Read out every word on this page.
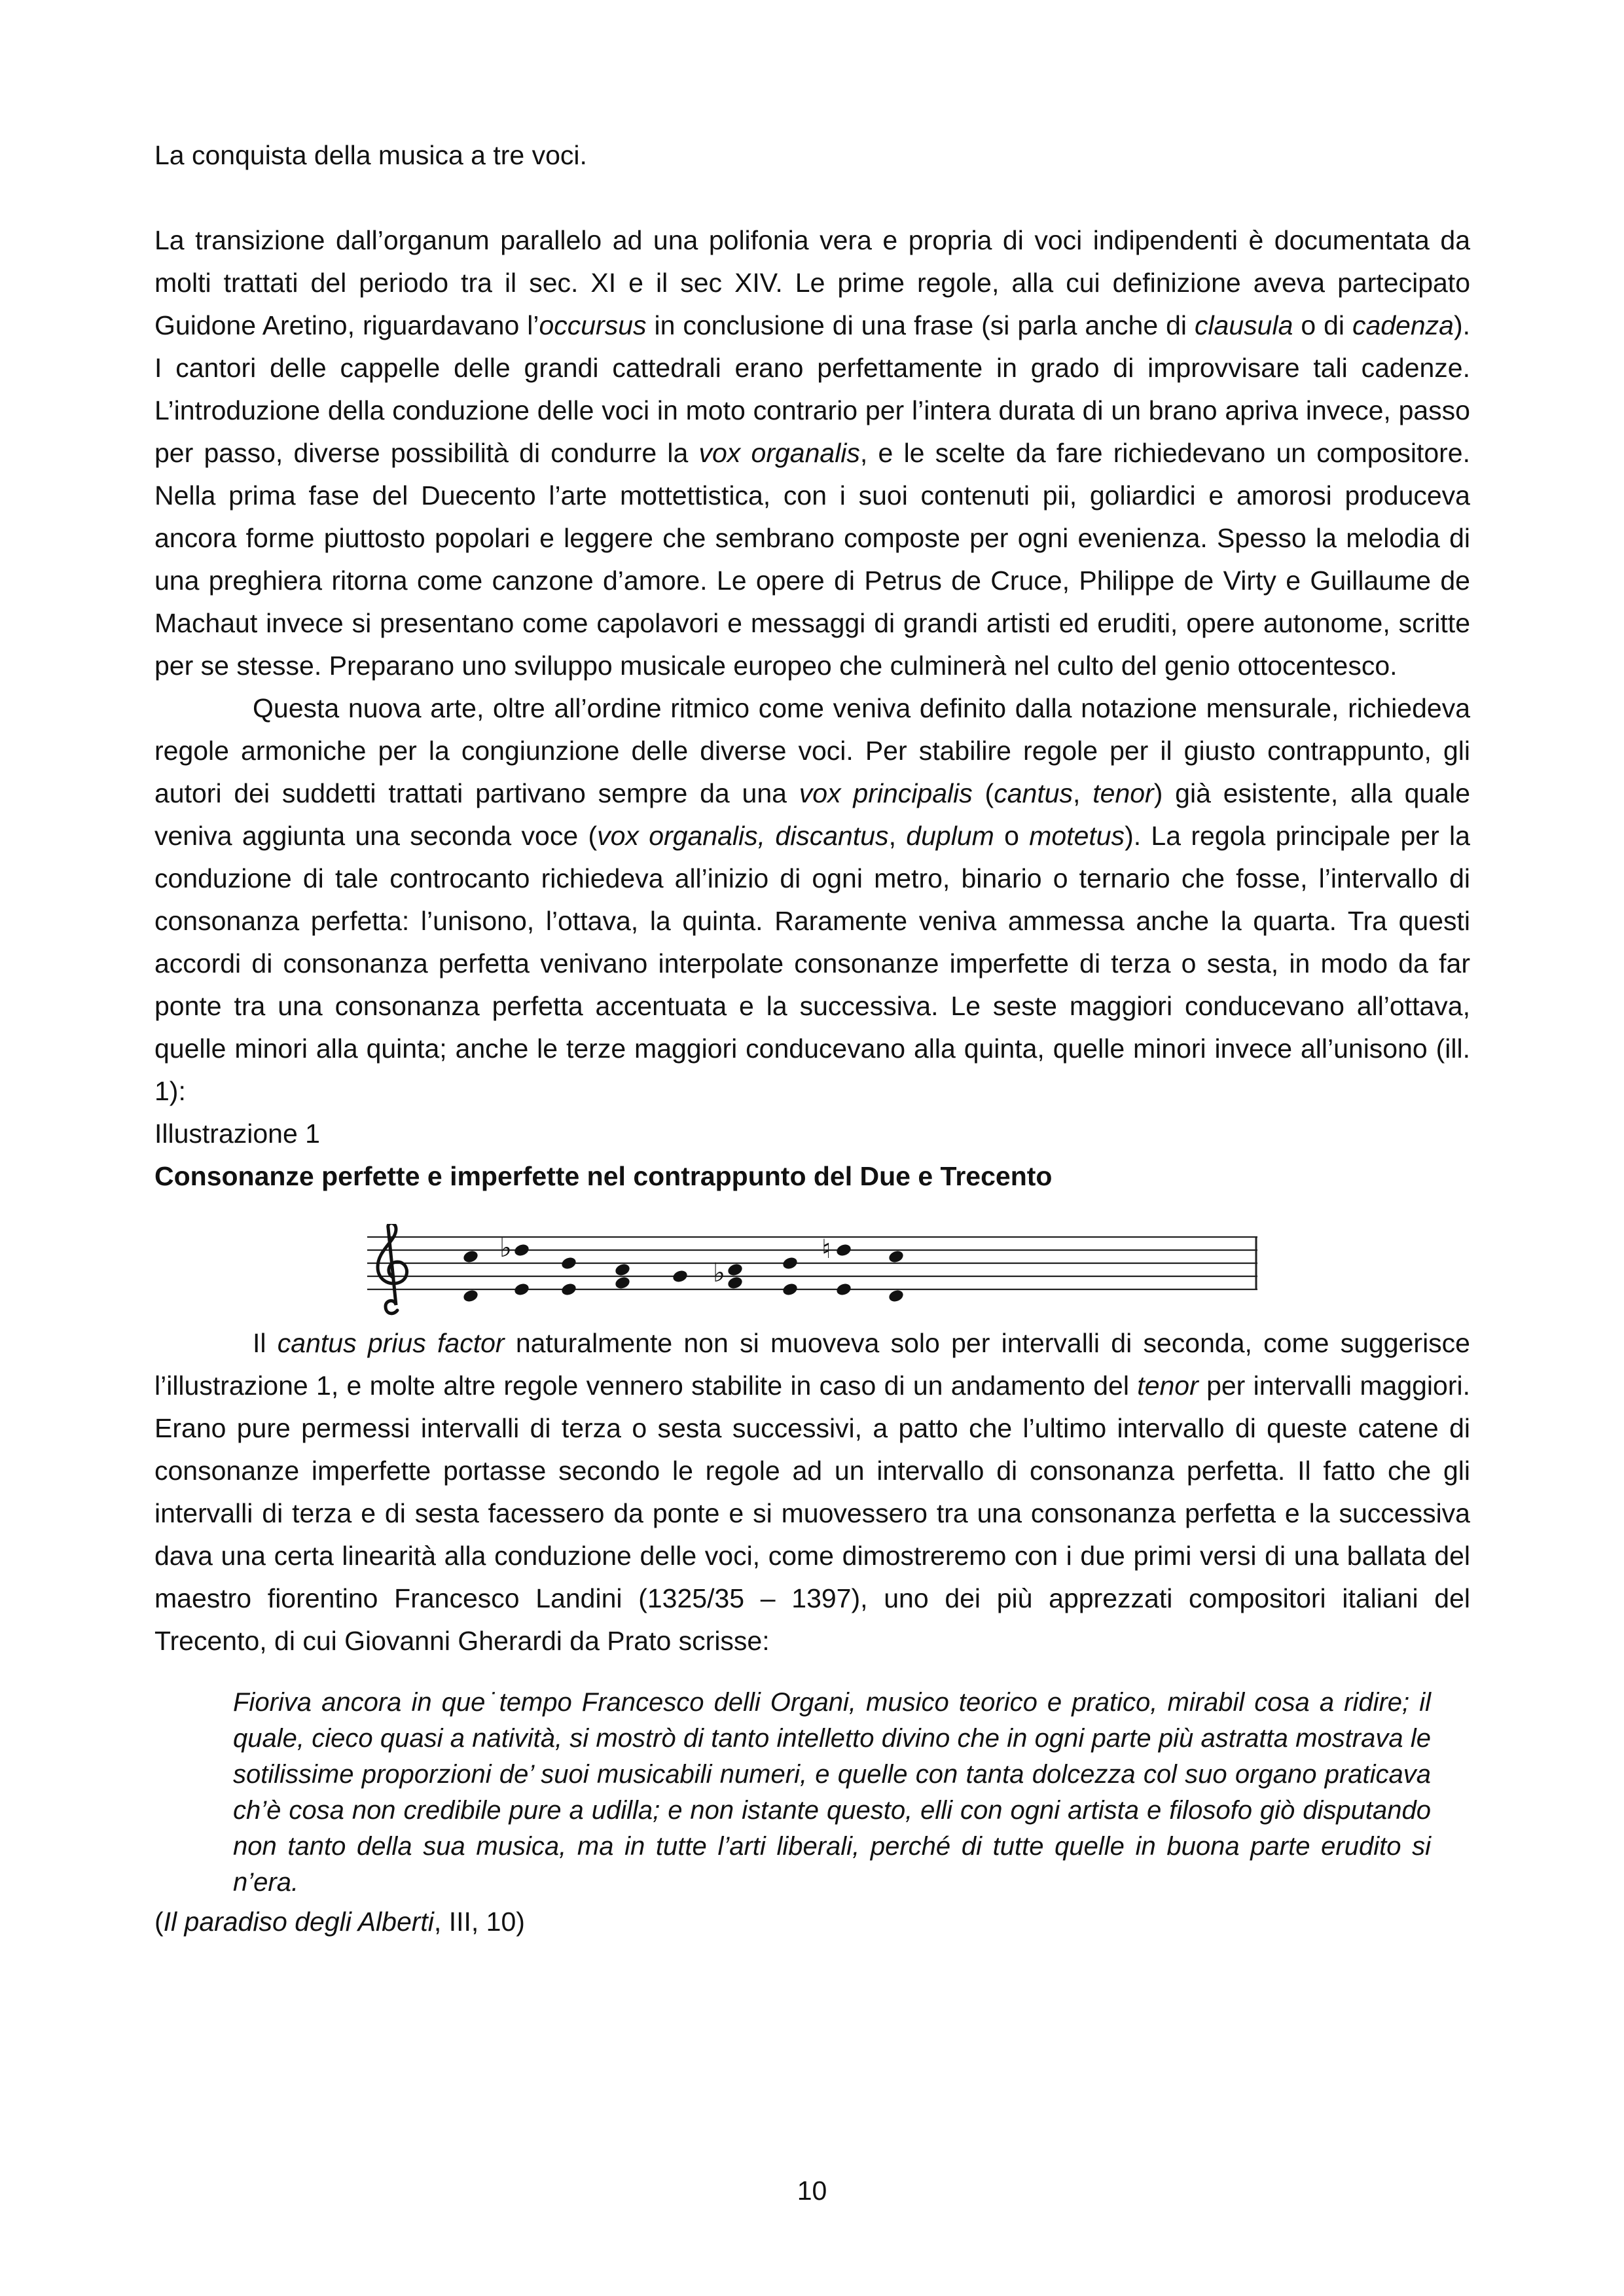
La conquista della musica a tre voci.

La transizione dall’organum parallelo ad una polifonia vera e propria di voci indipendenti è documentata da molti trattati del periodo tra il sec. XI e il sec XIV. Le prime regole, alla cui definizione aveva partecipato Guidone Aretino, riguardavano l’occursus in conclusione di una frase (si parla anche di clausula o di cadenza). I cantori delle cappelle delle grandi cattedrali erano perfettamente in grado di improvvisare tali cadenze. L’introduzione della conduzione delle voci in moto contrario per l’intera durata di un brano apriva invece, passo per passo, diverse possibilità di condurre la vox organalis, e le scelte da fare richiedevano un compositore. Nella prima fase del Duecento l’arte mottettistica, con i suoi contenuti pii, goliardici e amorosi produceva ancora forme piuttosto popolari e leggere che sembrano composte per ogni evenienza. Spesso la melodia di una preghiera ritorna come canzone d’amore. Le opere di Petrus de Cruce, Philippe de Virty e Guillaume de Machaut invece si presentano come capolavori e messaggi di grandi artisti ed eruditi, opere autonome, scritte per se stesse. Preparano uno sviluppo musicale europeo che culminerà nel culto del genio ottocentesco.

Questa nuova arte, oltre all’ordine ritmico come veniva definito dalla notazione mensurale, richiedeva regole armoniche per la congiunzione delle diverse voci. Per stabilire regole per il giusto contrappunto, gli autori dei suddetti trattati partivano sempre da una vox principalis (cantus, tenor) già esistente, alla quale veniva aggiunta una seconda voce (vox organalis, discantus, duplum o motetus). La regola principale per la conduzione di tale controcanto richiedeva all’inizio di ogni metro, binario o ternario che fosse, l’intervallo di consonanza perfetta: l’unisono, l’ottava, la quinta. Raramente veniva ammessa anche la quarta. Tra questi accordi di consonanza perfetta venivano interpolate consonanze imperfette di terza o sesta, in modo da far ponte tra una consonanza perfetta accentuata e la successiva. Le seste maggiori conducevano all’ottava, quelle minori alla quinta; anche le terze maggiori conducevano alla quinta, quelle minori invece all’unisono (ill. 1):

Illustrazione 1

Consonanze perfette e imperfette nel contrappunto del Due e Trecento

♭
♭
♮

Il cantus prius factor naturalmente non si muoveva solo per intervalli di seconda, come suggerisce l’illustrazione 1, e molte altre regole vennero stabilite in caso di un andamento del tenor per intervalli maggiori. Erano pure permessi intervalli di terza o sesta successivi, a patto che l’ultimo intervallo di queste catene di consonanze imperfette portasse secondo le regole ad un intervallo di consonanza perfetta. Il fatto che gli intervalli di terza e di sesta facessero da ponte e si muovessero tra una consonanza perfetta e la successiva dava una certa linearità alla conduzione delle voci, come dimostreremo con i due primi versi di una ballata del maestro fiorentino Francesco Landini (1325/35 – 1397), uno dei più apprezzati compositori italiani del Trecento, di cui Giovanni Gherardi da Prato scrisse:

Fioriva ancora in que˙tempo Francesco delli Organi, musico teorico e pratico, mirabil cosa a ridire; il quale, cieco quasi a natività, si mostrò di tanto intelletto divino che in ogni parte più astratta mostrava le sotilissime proporzioni de’ suoi musicabili numeri, e quelle con tanta dolcezza col suo organo praticava ch’è cosa non credibile pure a udilla; e non istante questo, elli con ogni artista e filosofo giò disputando non tanto della sua musica, ma in tutte l’arti liberali, perché di tutte quelle in buona parte erudito si n’era.

(Il paradiso degli Alberti, III, 10)

10
